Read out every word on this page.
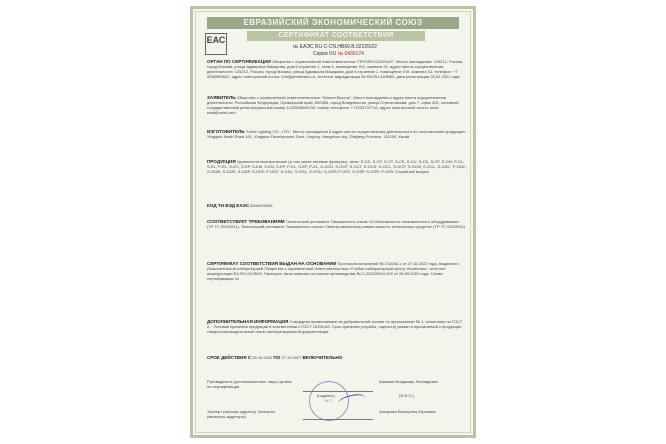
ЕВРАЗИЙСКИЙ ЭКОНОМИЧЕСКИЙ СОЮЗ
ЕАС	СЕРТИФИКАТ СООТВЕТСТВИЯ
№ ЕАЭС RU C-CN.НВ60.В.02225/22
Серия RU № 0430174
ОРГАН ПО СЕРТИФИКАЦИИ Общество с ограниченной ответственностью "ПРОФЕССИОНАЛ". Место нахождения: 129212, Россия, город Москва, улица Адмирала Макарова, дом 6 строение 1, этаж 4, помещение XVI, комната 31; адрес места осуществления деятельности: 125212, Россия, город Москва, улица Адмирала Макарова, дом 6 строение 1, помещение XVI, комната 31, телефон: +7 9060965602, адрес электронной почты: info@profession.ru, Аттестат аккредитации № RA.RU.11НВ60, дата регистрации 03.02.2021 года
ЗАЯВИТЕЛЬ Общество с ограниченной ответственностью "Юниэл-Восток". Место нахождения и адрес места осуществления деятельности: Российская Федерация, Приморский край, 690065, город Владивосток, улица Стрельникова, дом 7, офис 801, основной государственный регистрационный номер 1122538006700, номер телефона: +74232737716, адрес электронной почты: uniel-east@uniel.com
ИЗГОТОВИТЕЛЬ "Uniel Lighting CO., LTD". Место нахождения и адрес места осуществления деятельности по изготовлению продукции: Xingqiao North Road 161, Xingqiao Development Zone, Linping, Hangzhou city, Zhejiang Province, 311100, Китай
ПРОДУКЦИЯ Удлинители электрические (в том числе сетевые фильтры), типы: S-CD, S-CP, S-CT, S-CE, S-CU, S-CK, S-CF, S-CM, P-CL, S-EL, P-EL, S-EC, S-EP, S-EM, S-EN, S-EP, P-EL, S-EF, P-EL, S-GCD, S-GCF, S-GCT, S-GCE, S-GCL, S-GCP, S-GCM, S-GCL, S-GDC, P-GDC, S-GDM, S-GDR, S-GDP, S-GDF, P-GDF, S-GDL, S-GSL, S-GSU, S-GSP, P-GST, S-GSP, S-GSR, P-GSV. Серийный выпуск
КОД ТН ВЭД ЕАЭС 8544429009
СООТВЕТСТВУЕТ ТРЕБОВАНИЯМ Технический регламент Таможенного союза «О безопасности низковольтного оборудования» (ТР ТС 004/2011), Технический регламент Таможенного союза «Электромагнитная совместимость технических средств» (ТР ТС 020/2011)
СЕРТИФИКАТ СООТВЕТСТВИЯ ВЫДАН НА ОСНОВАНИИ Протокола испытаний № 211048-1 от 27.10.2022 года, выданного Испытательной лабораторией Общества с ограниченной ответственностью «Глобал-лабораторный центр «Качество», аттестат аккредитации RA.RU.21ОБ09. Паспорта. Акта анализа состояния производства № С-2022/0919-002 от 26.09.2022 года. Схема сертификации 1с
ДОПОЛНИТЕЛЬНАЯ ИНФОРМАЦИЯ Стандарты применяемые на добровольной основе по приложению № 1, испытания по ГОСТ 2... Условия хранения продукции в соответствии с ГОСТ 15150-69. Срок хранения (службы, годности) указан в прилагаемой к продукции товаросопроводительной и/или эксплуатационной документации.
СРОК ДЕЙСТВИЯ С 28.10.2022 ПО 27.10.2027 ВКЛЮЧИТЕЛЬНО
Руководитель (уполномоченное лицо) органа по сертификации
Шишкин Владимир Леонидович
(подпись)	(Ф.И.О.)
Эксперт (эксперт-аудитор) Эксперты (эксперты-аудиторы)
Захарова Екатерина Юрьевна
М.П.
